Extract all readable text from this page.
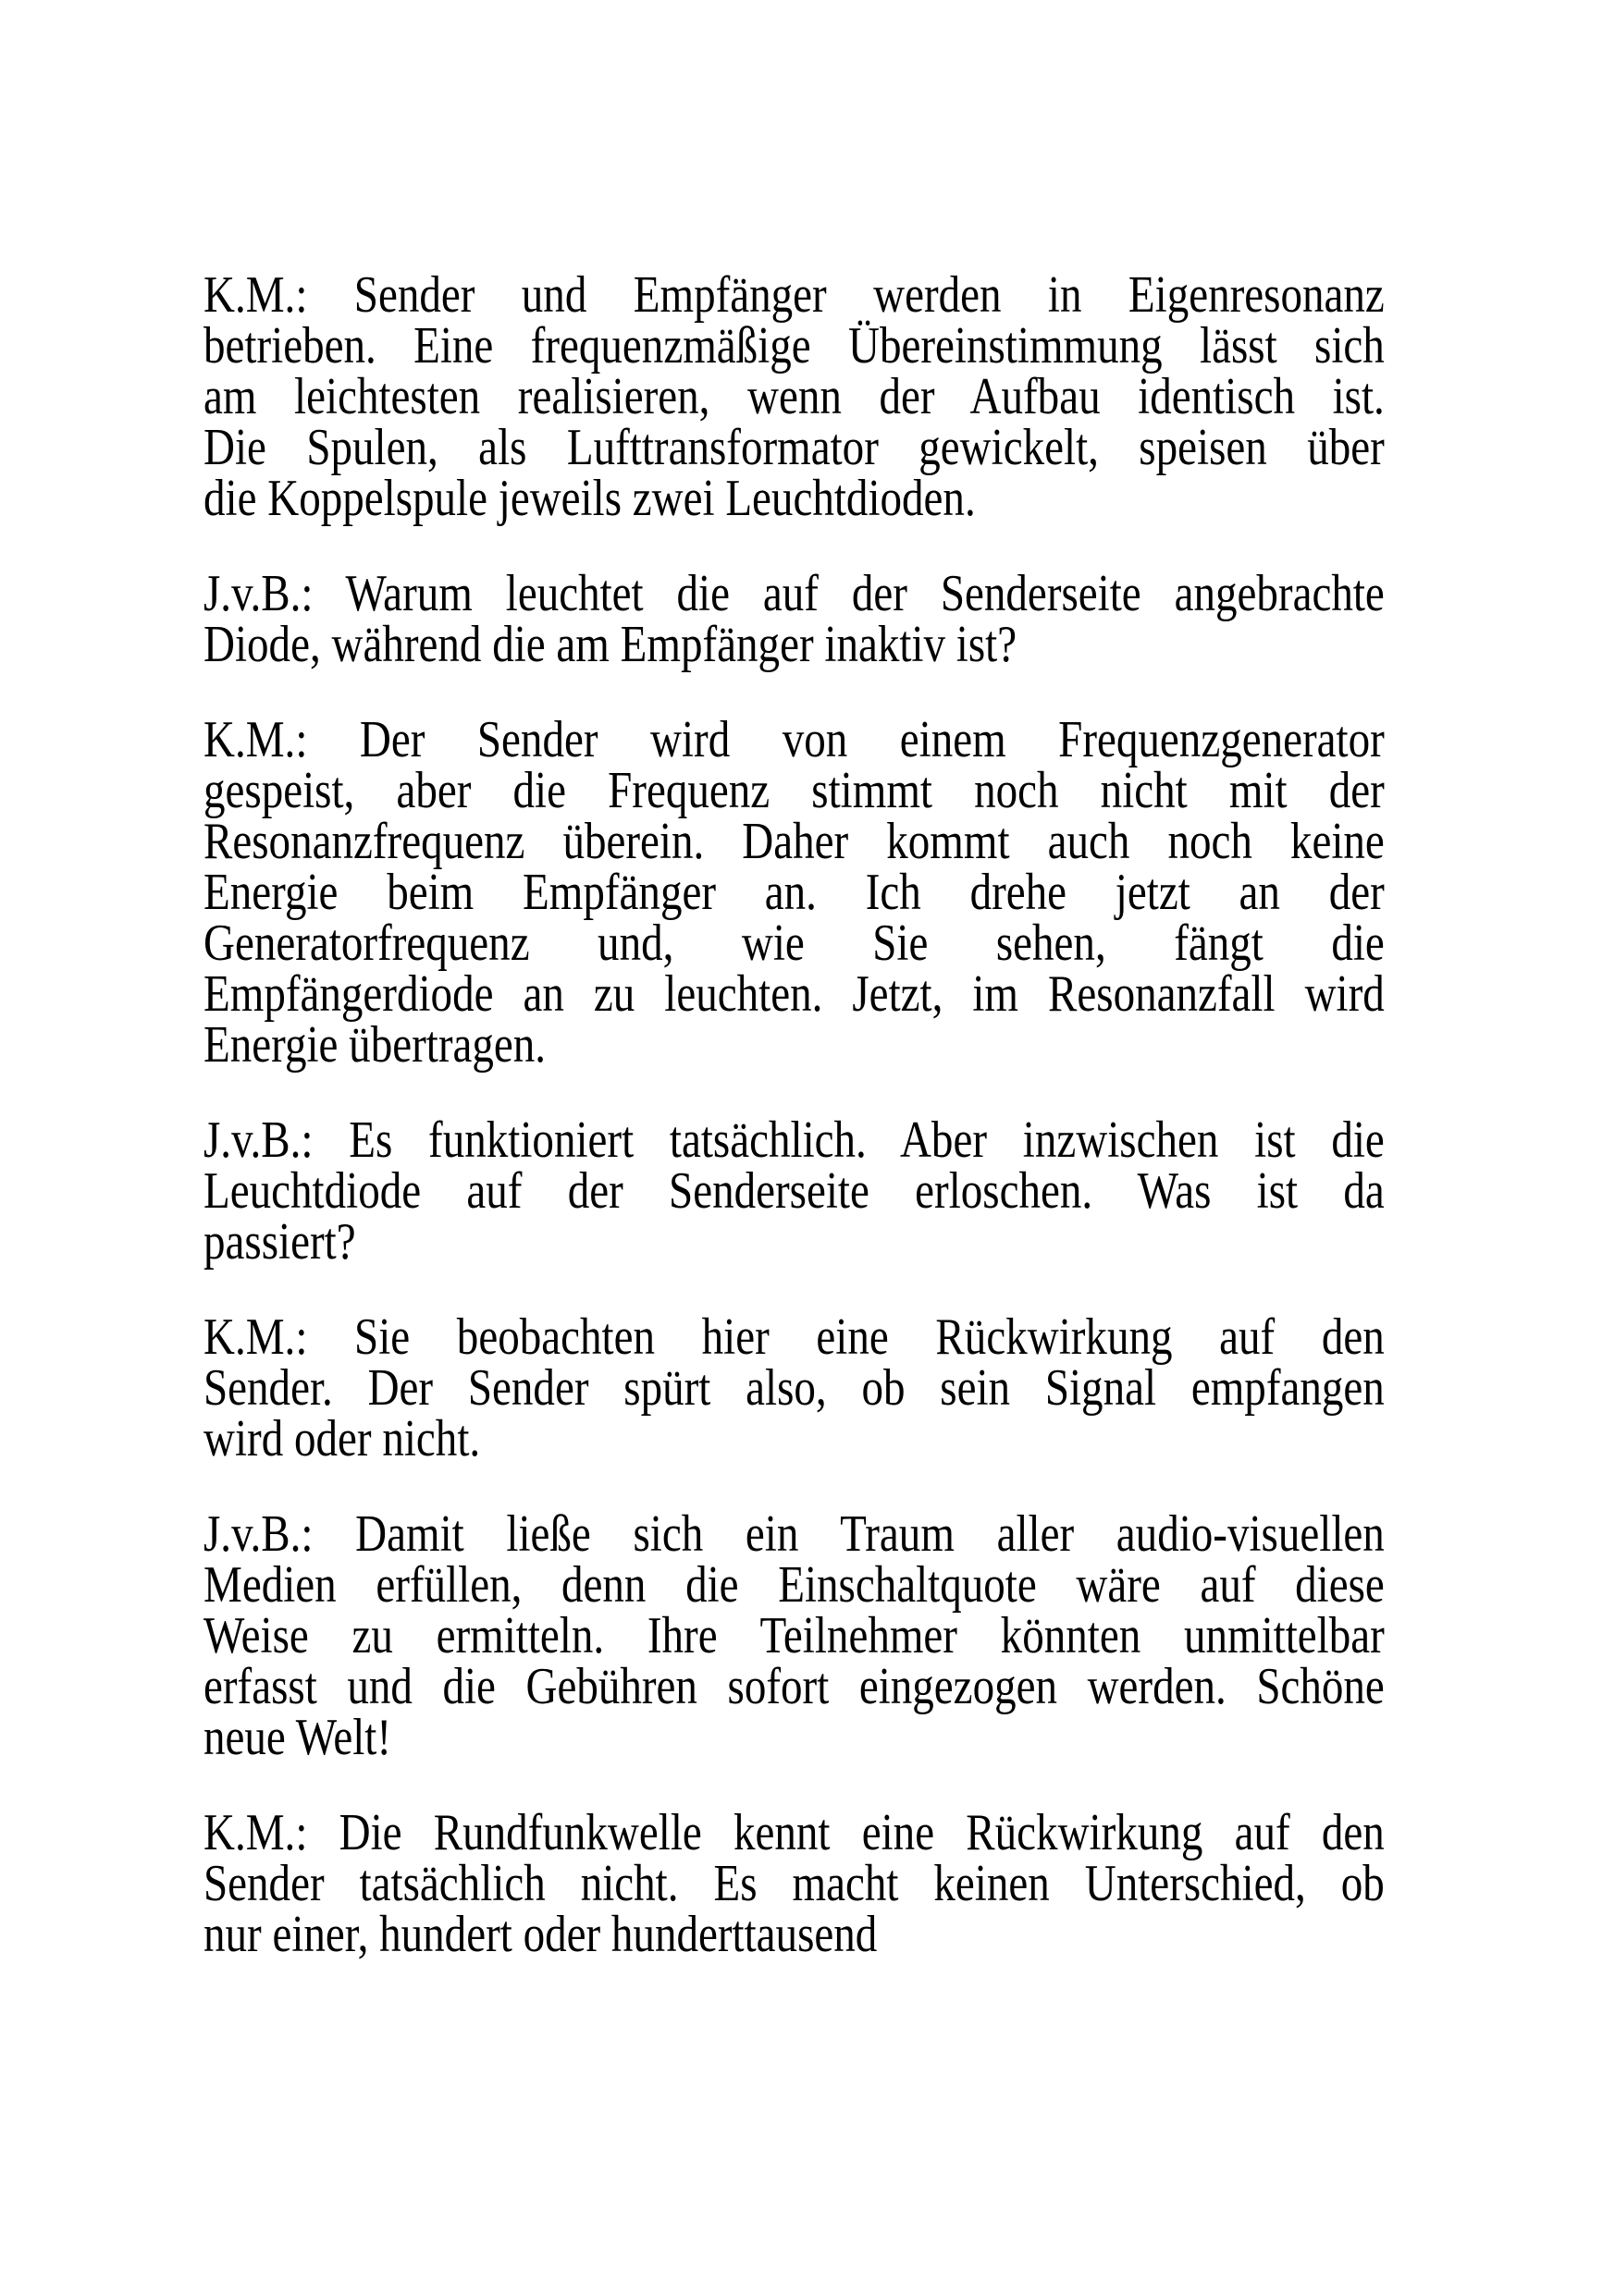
K.M.: Sender und Empfänger werden in Eigenresonanz
betrieben. Eine frequenzmäßige Übereinstimmung lässt sich
am leichtesten realisieren, wenn der Aufbau identisch ist.
Die Spulen, als Lufttransformator gewickelt, speisen über
die Koppelspule jeweils zwei Leuchtdioden.
J.v.B.: Warum leuchtet die auf der Senderseite angebrachte
Diode, während die am Empfänger inaktiv ist?
K.M.: Der Sender wird von einem Frequenzgenerator
gespeist, aber die Frequenz stimmt noch nicht mit der
Resonanzfrequenz überein. Daher kommt auch noch keine
Energie beim Empfänger an. Ich drehe jetzt an der
Generatorfrequenz und, wie Sie sehen, fängt die
Empfängerdiode an zu leuchten. Jetzt, im Resonanzfall wird
Energie übertragen.
J.v.B.: Es funktioniert tatsächlich. Aber inzwischen ist die
Leuchtdiode auf der Senderseite erloschen. Was ist da
passiert?
K.M.: Sie beobachten hier eine Rückwirkung auf den
Sender. Der Sender spürt also, ob sein Signal empfangen
wird oder nicht.
J.v.B.: Damit ließe sich ein Traum aller audio-visuellen
Medien erfüllen, denn die Einschaltquote wäre auf diese
Weise zu ermitteln. Ihre Teilnehmer könnten unmittelbar
erfasst und die Gebühren sofort eingezogen werden. Schöne
neue Welt!
K.M.: Die Rundfunkwelle kennt eine Rückwirkung auf den
Sender tatsächlich nicht. Es macht keinen Unterschied, ob
nur einer, hundert oder hunderttausend
